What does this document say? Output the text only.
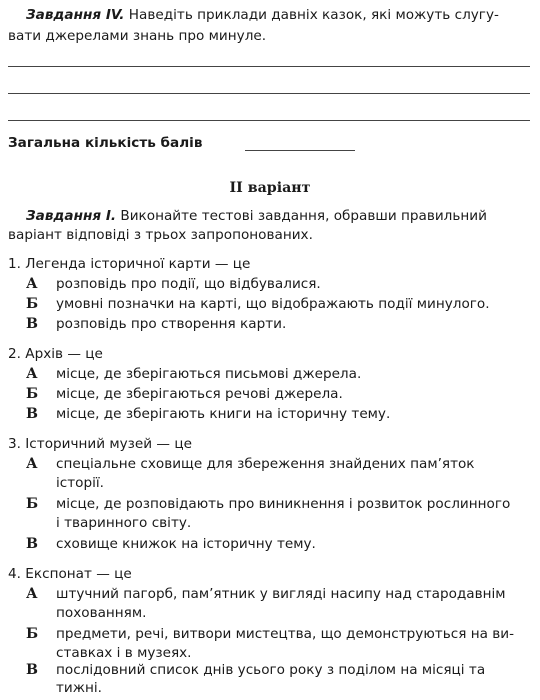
Завдання IV. Наведіть приклади давніх казок, які можуть слугу-
вати джерелами знань про минуле.
Загальна кількість балів
II варіант
Завдання I. Виконайте тестові завдання, обравши правильний
варіант відповіді з трьох запропонованих.
1. Легенда історичної карти — це
А розповідь про події, що відбувалися.
Б умовні позначки на карті, що відображають події минулого.
В розповідь про створення карти.
2. Архів — це
А місце, де зберігаються письмові джерела.
Б місце, де зберігаються речові джерела.
В місце, де зберігають книги на історичну тему.
3. Історичний музей — це
А спеціальне сховище для збереження знайдених пам’яток
історії.
Б місце, де розповідають про виникнення і розвиток рослинного
і тваринного світу.
В сховище книжок на історичну тему.
4. Експонат — це
А штучний пагорб, пам’ятник у вигляді насипу над стародавнім
похованням.
Б предмети, речі, витвори мистецтва, що демонструються на ви-
ставках і в музеях.
В послідовний список днів усього року з поділом на місяці та
тижні.
